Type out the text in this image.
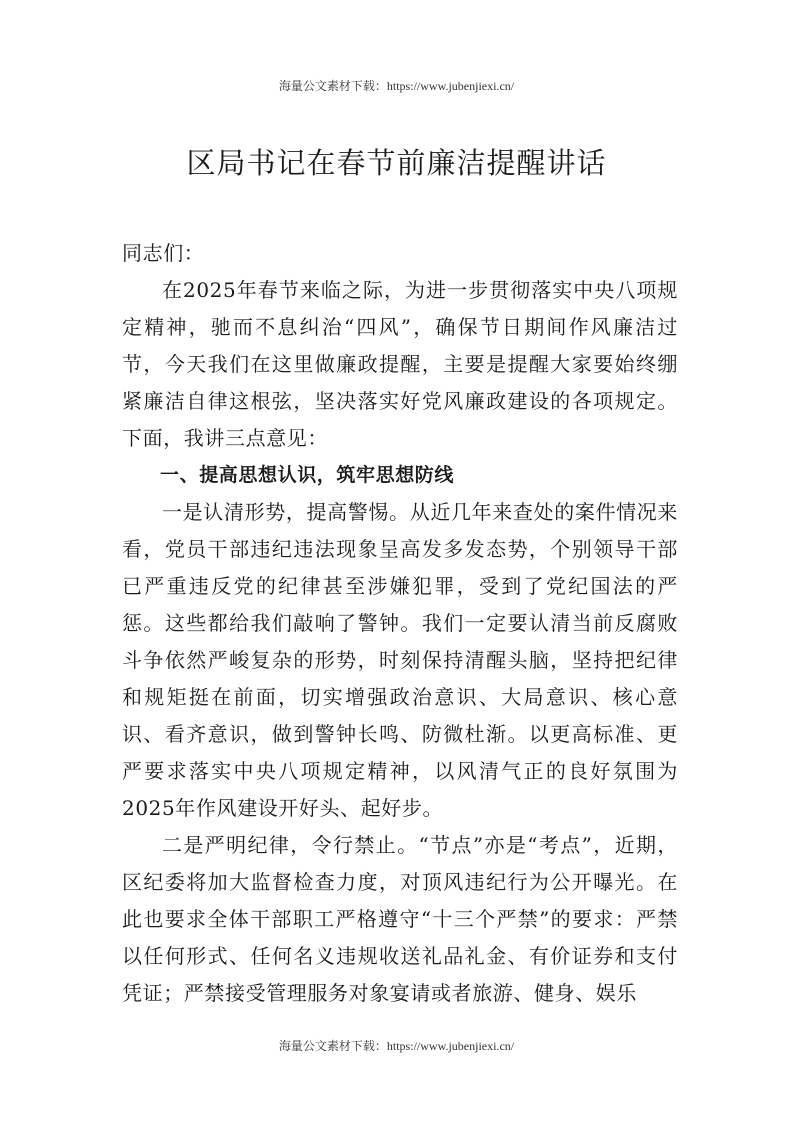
海量公文素材下载：https://www.jubenjiexi.cn/
区局书记在春节前廉洁提醒讲话

同志们：

在2025年春节来临之际，为进一步贯彻落实中央八项规定精神，驰而不息纠治“四风”，确保节日期间作风廉洁过节，今天我们在这里做廉政提醒，主要是提醒大家要始终绷紧廉洁自律这根弦，坚决落实好党风廉政建设的各项规定。下面，我讲三点意见：

一、提高思想认识，筑牢思想防线

一是认清形势，提高警惕。从近几年来查处的案件情况来看，党员干部违纪违法现象呈高发多发态势，个别领导干部已严重违反党的纪律甚至涉嫌犯罪，受到了党纪国法的严惩。这些都给我们敲响了警钟。我们一定要认清当前反腐败斗争依然严峻复杂的形势，时刻保持清醒头脑，坚持把纪律和规矩挺在前面，切实增强政治意识、大局意识、核心意识、看齐意识，做到警钟长鸣、防微杜渐。以更高标准、更严要求落实中央八项规定精神，以风清气正的良好氛围为2025年作风建设开好头、起好步。

二是严明纪律，令行禁止。“节点”亦是“考点”，近期，区纪委将加大监督检查力度，对顶风违纪行为公开曝光。在此也要求全体干部职工严格遵守“十三个严禁”的要求：严禁以任何形式、任何名义违规收送礼品礼金、有价证券和支付凭证；严禁接受管理服务对象宴请或者旅游、健身、娱乐

海量公文素材下载：https://www.jubenjiexi.cn/
